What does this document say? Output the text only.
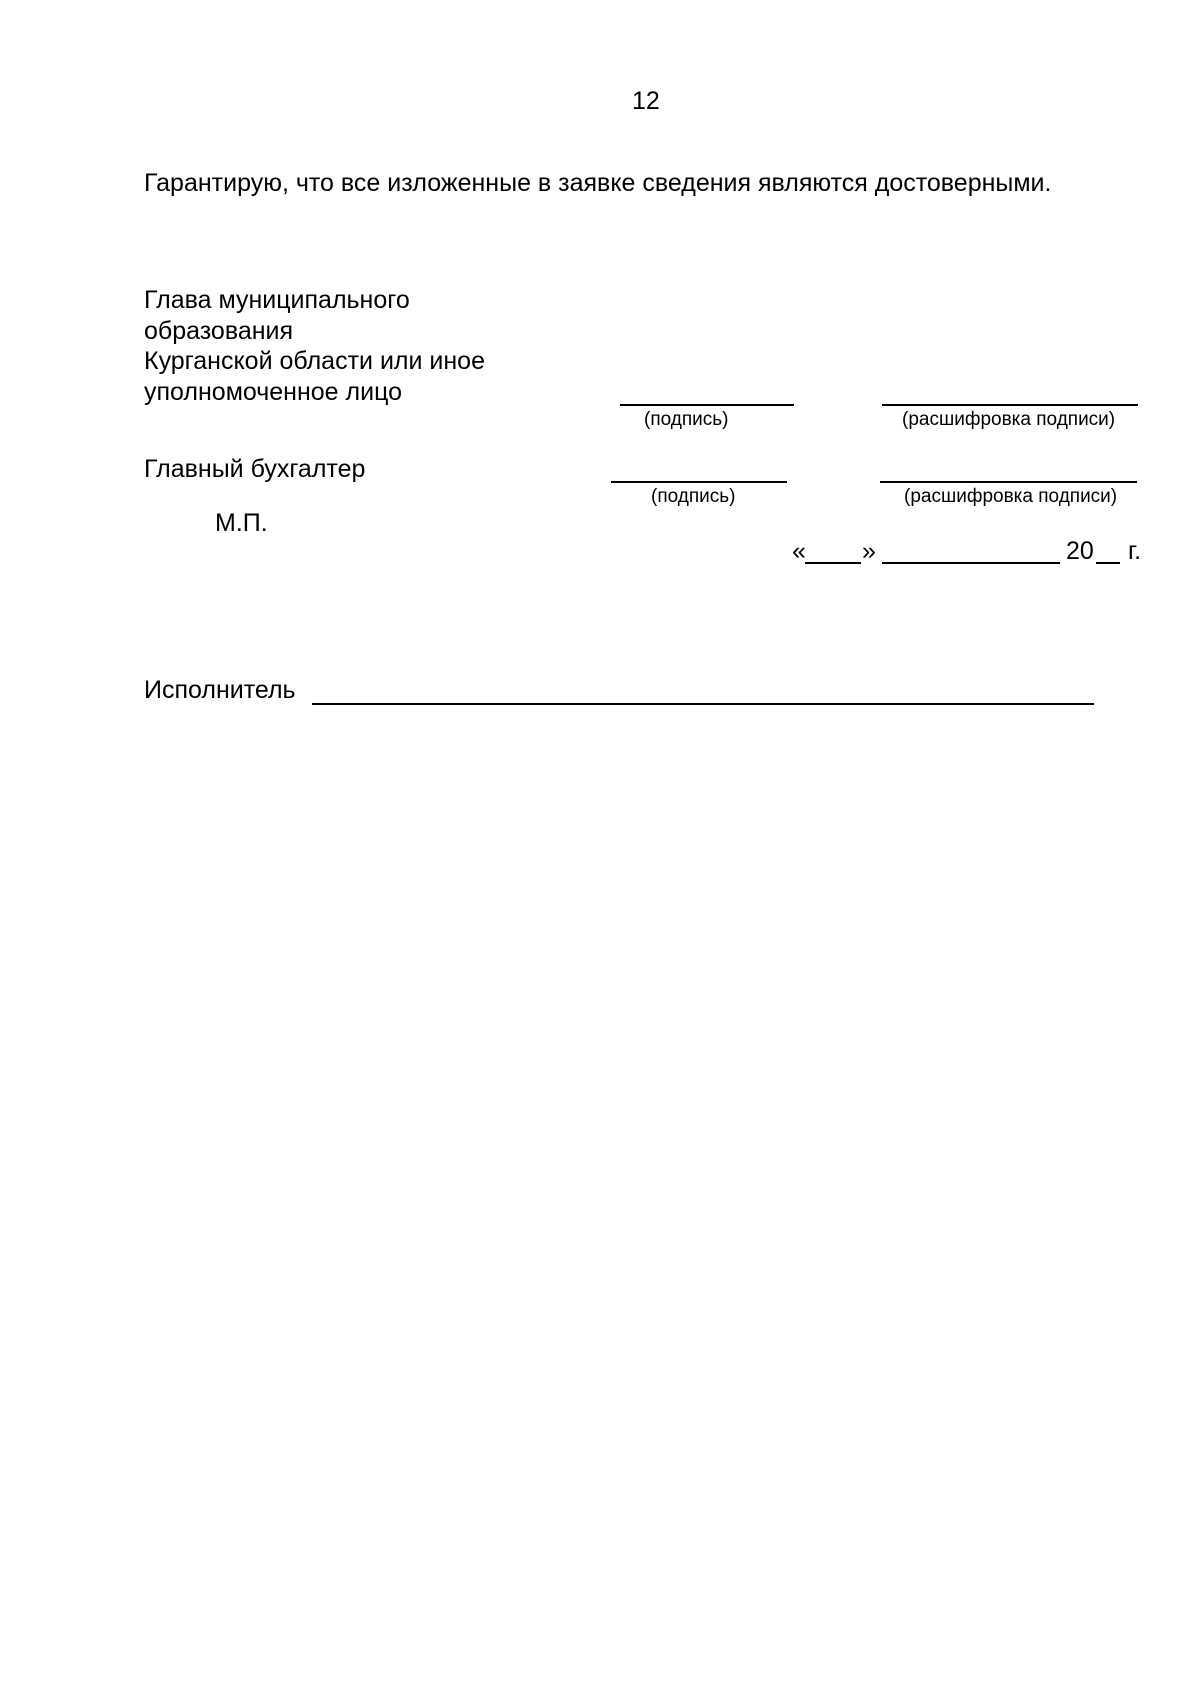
12
Гарантирую, что все изложенные в заявке сведения являются достоверными.
Глава муниципального
образования
Курганской области или иное
уполномоченное лицо
(подпись)	(расшифровка подписи)
Главный бухгалтер
(подпись)	(расшифровка подписи)
М.П.
« »	20 г.
Исполнитель
